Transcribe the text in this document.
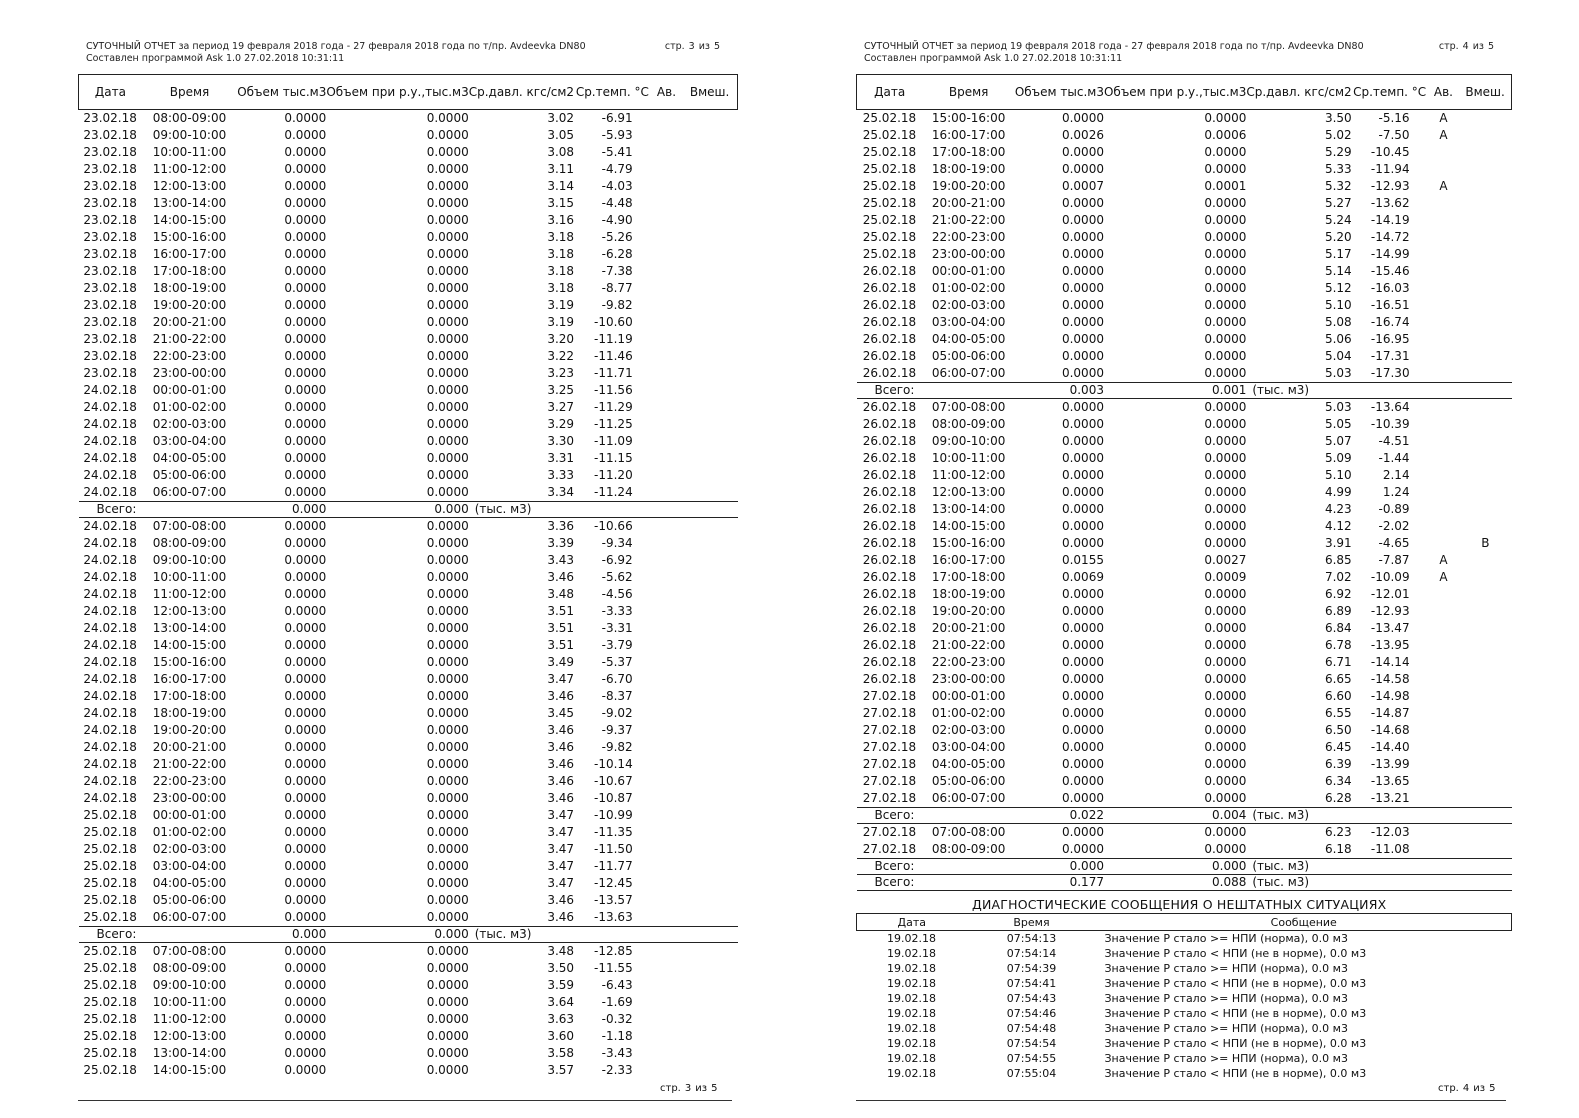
СУТОЧНЫЙ ОТЧЕТ за период 19 февраля 2018 года - 27 февраля 2018 года по т/пр. Avdeevka DN80
Составлен программой Ask 1.0 27.02.2018 10:31:11
стр. 3 из 5
Дата	Время	Объем тыс.м3	Объем при р.у.,тыс.м3	Ср.давл. кгс/см2	Ср.темп. °C	Ав.	Вмеш.
23.02.18	08:00-09:00	0.0000	0.0000	3.02	-6.91		
23.02.18	09:00-10:00	0.0000	0.0000	3.05	-5.93		
23.02.18	10:00-11:00	0.0000	0.0000	3.08	-5.41		
23.02.18	11:00-12:00	0.0000	0.0000	3.11	-4.79		
23.02.18	12:00-13:00	0.0000	0.0000	3.14	-4.03		
23.02.18	13:00-14:00	0.0000	0.0000	3.15	-4.48		
23.02.18	14:00-15:00	0.0000	0.0000	3.16	-4.90		
23.02.18	15:00-16:00	0.0000	0.0000	3.18	-5.26		
23.02.18	16:00-17:00	0.0000	0.0000	3.18	-6.28		
23.02.18	17:00-18:00	0.0000	0.0000	3.18	-7.38		
23.02.18	18:00-19:00	0.0000	0.0000	3.18	-8.77		
23.02.18	19:00-20:00	0.0000	0.0000	3.19	-9.82		
23.02.18	20:00-21:00	0.0000	0.0000	3.19	-10.60		
23.02.18	21:00-22:00	0.0000	0.0000	3.20	-11.19		
23.02.18	22:00-23:00	0.0000	0.0000	3.22	-11.46		
23.02.18	23:00-00:00	0.0000	0.0000	3.23	-11.71		
24.02.18	00:00-01:00	0.0000	0.0000	3.25	-11.56		
24.02.18	01:00-02:00	0.0000	0.0000	3.27	-11.29		
24.02.18	02:00-03:00	0.0000	0.0000	3.29	-11.25		
24.02.18	03:00-04:00	0.0000	0.0000	3.30	-11.09		
24.02.18	04:00-05:00	0.0000	0.0000	3.31	-11.15		
24.02.18	05:00-06:00	0.0000	0.0000	3.33	-11.20		
24.02.18	06:00-07:00	0.0000	0.0000	3.34	-11.24		
Всего:		0.000	0.000	(тыс. м3)			
24.02.18	07:00-08:00	0.0000	0.0000	3.36	-10.66		
24.02.18	08:00-09:00	0.0000	0.0000	3.39	-9.34		
24.02.18	09:00-10:00	0.0000	0.0000	3.43	-6.92		
24.02.18	10:00-11:00	0.0000	0.0000	3.46	-5.62		
24.02.18	11:00-12:00	0.0000	0.0000	3.48	-4.56		
24.02.18	12:00-13:00	0.0000	0.0000	3.51	-3.33		
24.02.18	13:00-14:00	0.0000	0.0000	3.51	-3.31		
24.02.18	14:00-15:00	0.0000	0.0000	3.51	-3.79		
24.02.18	15:00-16:00	0.0000	0.0000	3.49	-5.37		
24.02.18	16:00-17:00	0.0000	0.0000	3.47	-6.70		
24.02.18	17:00-18:00	0.0000	0.0000	3.46	-8.37		
24.02.18	18:00-19:00	0.0000	0.0000	3.45	-9.02		
24.02.18	19:00-20:00	0.0000	0.0000	3.46	-9.37		
24.02.18	20:00-21:00	0.0000	0.0000	3.46	-9.82		
24.02.18	21:00-22:00	0.0000	0.0000	3.46	-10.14		
24.02.18	22:00-23:00	0.0000	0.0000	3.46	-10.67		
24.02.18	23:00-00:00	0.0000	0.0000	3.46	-10.87		
25.02.18	00:00-01:00	0.0000	0.0000	3.47	-10.99		
25.02.18	01:00-02:00	0.0000	0.0000	3.47	-11.35		
25.02.18	02:00-03:00	0.0000	0.0000	3.47	-11.50		
25.02.18	03:00-04:00	0.0000	0.0000	3.47	-11.77		
25.02.18	04:00-05:00	0.0000	0.0000	3.47	-12.45		
25.02.18	05:00-06:00	0.0000	0.0000	3.46	-13.57		
25.02.18	06:00-07:00	0.0000	0.0000	3.46	-13.63		
Всего:		0.000	0.000	(тыс. м3)			
25.02.18	07:00-08:00	0.0000	0.0000	3.48	-12.85		
25.02.18	08:00-09:00	0.0000	0.0000	3.50	-11.55		
25.02.18	09:00-10:00	0.0000	0.0000	3.59	-6.43		
25.02.18	10:00-11:00	0.0000	0.0000	3.64	-1.69		
25.02.18	11:00-12:00	0.0000	0.0000	3.63	-0.32		
25.02.18	12:00-13:00	0.0000	0.0000	3.60	-1.18		
25.02.18	13:00-14:00	0.0000	0.0000	3.58	-3.43		
25.02.18	14:00-15:00	0.0000	0.0000	3.57	-2.33		
стр. 3 из 5
СУТОЧНЫЙ ОТЧЕТ за период 19 февраля 2018 года - 27 февраля 2018 года по т/пр. Avdeevka DN80
Составлен программой Ask 1.0 27.02.2018 10:31:11
стр. 4 из 5
Дата	Время	Объем тыс.м3	Объем при р.у.,тыс.м3	Ср.давл. кгс/см2	Ср.темп. °C	Ав.	Вмеш.
25.02.18	15:00-16:00	0.0000	0.0000	3.50	-5.16	A	
25.02.18	16:00-17:00	0.0026	0.0006	5.02	-7.50	A	
25.02.18	17:00-18:00	0.0000	0.0000	5.29	-10.45		
25.02.18	18:00-19:00	0.0000	0.0000	5.33	-11.94		
25.02.18	19:00-20:00	0.0007	0.0001	5.32	-12.93	A	
25.02.18	20:00-21:00	0.0000	0.0000	5.27	-13.62		
25.02.18	21:00-22:00	0.0000	0.0000	5.24	-14.19		
25.02.18	22:00-23:00	0.0000	0.0000	5.20	-14.72		
25.02.18	23:00-00:00	0.0000	0.0000	5.17	-14.99		
26.02.18	00:00-01:00	0.0000	0.0000	5.14	-15.46		
26.02.18	01:00-02:00	0.0000	0.0000	5.12	-16.03		
26.02.18	02:00-03:00	0.0000	0.0000	5.10	-16.51		
26.02.18	03:00-04:00	0.0000	0.0000	5.08	-16.74		
26.02.18	04:00-05:00	0.0000	0.0000	5.06	-16.95		
26.02.18	05:00-06:00	0.0000	0.0000	5.04	-17.31		
26.02.18	06:00-07:00	0.0000	0.0000	5.03	-17.30		
Всего:		0.003	0.001	(тыс. м3)			
26.02.18	07:00-08:00	0.0000	0.0000	5.03	-13.64		
26.02.18	08:00-09:00	0.0000	0.0000	5.05	-10.39		
26.02.18	09:00-10:00	0.0000	0.0000	5.07	-4.51		
26.02.18	10:00-11:00	0.0000	0.0000	5.09	-1.44		
26.02.18	11:00-12:00	0.0000	0.0000	5.10	2.14		
26.02.18	12:00-13:00	0.0000	0.0000	4.99	1.24		
26.02.18	13:00-14:00	0.0000	0.0000	4.23	-0.89		
26.02.18	14:00-15:00	0.0000	0.0000	4.12	-2.02		
26.02.18	15:00-16:00	0.0000	0.0000	3.91	-4.65		B
26.02.18	16:00-17:00	0.0155	0.0027	6.85	-7.87	A	
26.02.18	17:00-18:00	0.0069	0.0009	7.02	-10.09	A	
26.02.18	18:00-19:00	0.0000	0.0000	6.92	-12.01		
26.02.18	19:00-20:00	0.0000	0.0000	6.89	-12.93		
26.02.18	20:00-21:00	0.0000	0.0000	6.84	-13.47		
26.02.18	21:00-22:00	0.0000	0.0000	6.78	-13.95		
26.02.18	22:00-23:00	0.0000	0.0000	6.71	-14.14		
26.02.18	23:00-00:00	0.0000	0.0000	6.65	-14.58		
27.02.18	00:00-01:00	0.0000	0.0000	6.60	-14.98		
27.02.18	01:00-02:00	0.0000	0.0000	6.55	-14.87		
27.02.18	02:00-03:00	0.0000	0.0000	6.50	-14.68		
27.02.18	03:00-04:00	0.0000	0.0000	6.45	-14.40		
27.02.18	04:00-05:00	0.0000	0.0000	6.39	-13.99		
27.02.18	05:00-06:00	0.0000	0.0000	6.34	-13.65		
27.02.18	06:00-07:00	0.0000	0.0000	6.28	-13.21		
Всего:		0.022	0.004	(тыс. м3)			
27.02.18	07:00-08:00	0.0000	0.0000	6.23	-12.03		
27.02.18	08:00-09:00	0.0000	0.0000	6.18	-11.08		
Всего:		0.000	0.000	(тыс. м3)			
Всего:		0.177	0.088	(тыс. м3)			
ДИАГНОСТИЧЕСКИЕ СООБЩЕНИЯ О НЕШТАТНЫХ СИТУАЦИЯХ
Дата	Время	Сообщение
19.02.18	07:54:13	Значение P стало >= НПИ (норма), 0.0 м3
19.02.18	07:54:14	Значение P стало < НПИ (не в норме), 0.0 м3
19.02.18	07:54:39	Значение P стало >= НПИ (норма), 0.0 м3
19.02.18	07:54:41	Значение P стало < НПИ (не в норме), 0.0 м3
19.02.18	07:54:43	Значение P стало >= НПИ (норма), 0.0 м3
19.02.18	07:54:46	Значение P стало < НПИ (не в норме), 0.0 м3
19.02.18	07:54:48	Значение P стало >= НПИ (норма), 0.0 м3
19.02.18	07:54:54	Значение P стало < НПИ (не в норме), 0.0 м3
19.02.18	07:54:55	Значение P стало >= НПИ (норма), 0.0 м3
19.02.18	07:55:04	Значение P стало < НПИ (не в норме), 0.0 м3
стр. 4 из 5
